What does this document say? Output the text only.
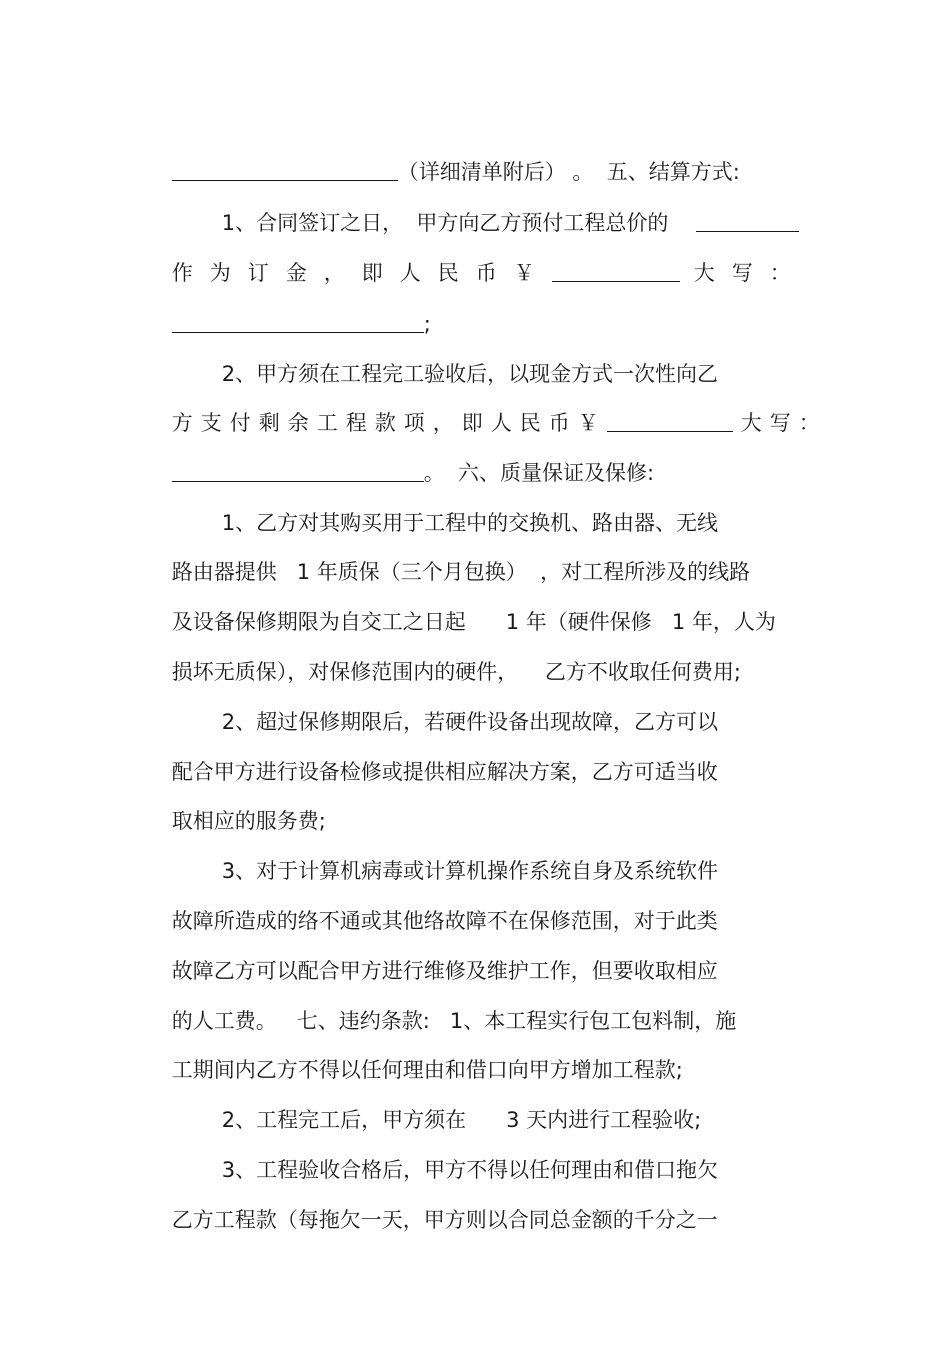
（详细清单附后） 。  五、结算方式:

1、合同签订之日，  甲方向乙方预付工程总价的

作为订金，即人民币￥	大写：

;

2、甲方须在工程完工验收后，以现金方式一次性向乙

方支付剩余工程款项，即人民币￥	大写：

。  六、质量保证及保修:

1、乙方对其购买用于工程中的交换机、路由器、无线

路由器提供   1 年质保（三个月包换）  ，对工程所涉及的线路

及设备保修期限为自交工之日起      1 年（硬件保修   1 年，人为

损坏无质保），对保修范围内的硬件，    乙方不收取任何费用;

2、超过保修期限后，若硬件设备出现故障，乙方可以

配合甲方进行设备检修或提供相应解决方案，乙方可适当收

取相应的服务费;

3、对于计算机病毒或计算机操作系统自身及系统软件

故障所造成的络不通或其他络故障不在保修范围，对于此类

故障乙方可以配合甲方进行维修及维护工作，但要收取相应

的人工费。   七、违约条款:   1、本工程实行包工包料制，施

工期间内乙方不得以任何理由和借口向甲方增加工程款;

2、工程完工后，甲方须在      3 天内进行工程验收;

3、工程验收合格后，甲方不得以任何理由和借口拖欠

乙方工程款（每拖欠一天，甲方则以合同总金额的千分之一
